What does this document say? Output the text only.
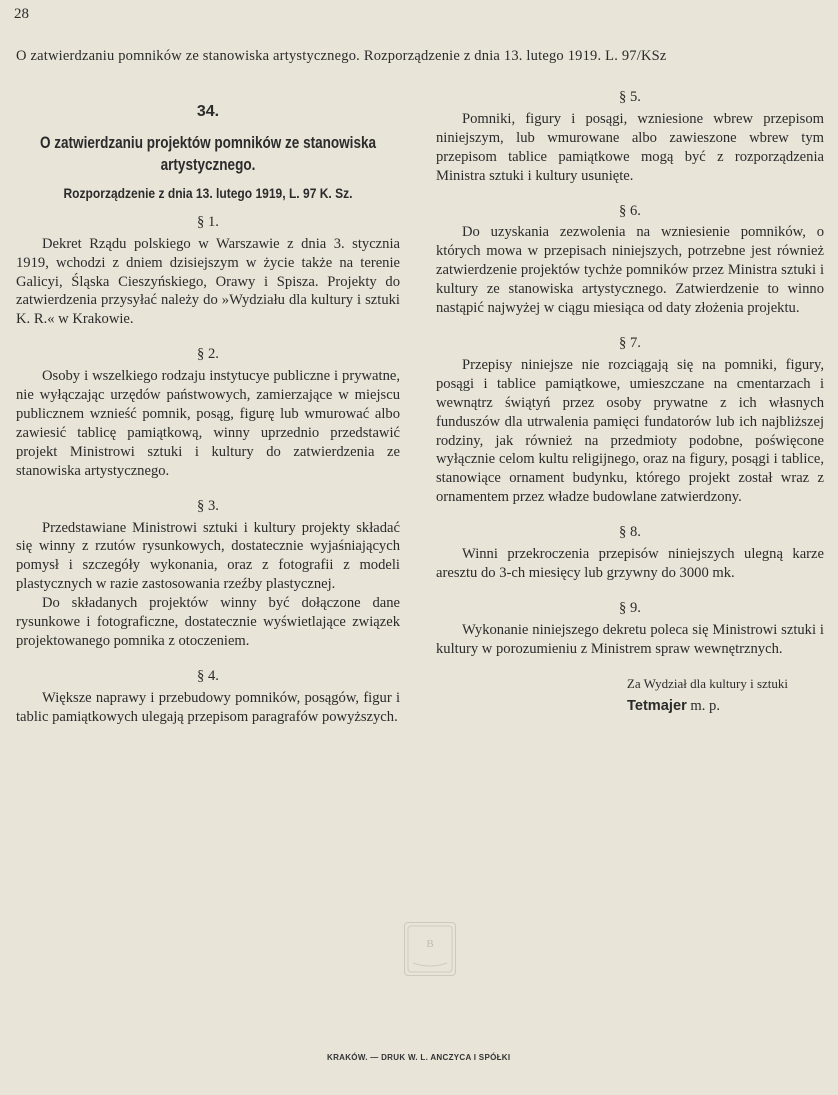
28
O zatwierdzaniu pomników ze stanowiska artystycznego. Rozporządzenie z dnia 13. lutego 1919. L. 97/KSz
34.
O zatwierdzaniu projektów pomników ze stanowiska artystycznego.
Rozporządzenie z dnia 13. lutego 1919, L. 97 K. Sz.
§ 1.

Dekret Rządu polskiego w Warszawie z dnia 3. stycznia 1919, wchodzi z dniem dzisiejszym w życie także na terenie Galicyi, Śląska Cieszyńskiego, Orawy i Spisza. Projekty do zatwierdzenia przysyłać należy do »Wydziału dla kultury i sztuki K. R.« w Krakowie.

§ 2.

Osoby i wszelkiego rodzaju instytucye publiczne i prywatne, nie wyłączając urzędów państwowych, zamierzające w miejscu publicznem wznieść pomnik, posąg, figurę lub wmurować albo zawiesić tablicę pamiątkową, winny uprzednio przedstawić projekt Ministrowi sztuki i kultury do zatwierdzenia ze stanowiska artystycznego.

§ 3.

Przedstawiane Ministrowi sztuki i kultury projekty składać się winny z rzutów rysunkowych, dostatecznie wyjaśniających pomysł i szczegóły wykonania, oraz z fotografii z modeli plastycznych w razie zastosowania rzeźby plastycznej.

Do składanych projektów winny być dołączone dane rysunkowe i fotograficzne, dostatecznie wyświetlające związek projektowanego pomnika z otoczeniem.

§ 4.

Większe naprawy i przebudowy pomników, posągów, figur i tablic pamiątkowych ulegają przepisom paragrafów powyższych.

§ 5.

Pomniki, figury i posągi, wzniesione wbrew przepisom niniejszym, lub wmurowane albo zawieszone wbrew tym przepisom tablice pamiątkowe mogą być z rozporządzenia Ministra sztuki i kultury usunięte.

§ 6.

Do uzyskania zezwolenia na wzniesienie pomników, o których mowa w przepisach niniejszych, potrzebne jest również zatwierdzenie projektów tychże pomników przez Ministra sztuki i kultury ze stanowiska artystycznego. Zatwierdzenie to winno nastąpić najwyżej w ciągu miesiąca od daty złożenia projektu.

§ 7.

Przepisy niniejsze nie rozciągają się na pomniki, figury, posągi i tablice pamiątkowe, umieszczane na cmentarzach i wewnątrz świątyń przez osoby prywatne z ich własnych funduszów dla utrwalenia pamięci fundatorów lub ich najbliższej rodziny, jak również na przedmioty podobne, poświęcone wyłącznie celom kultu religijnego, oraz na figury, posągi i tablice, stanowiące ornament budynku, którego projekt został wraz z ornamentem przez władze budowlane zatwierdzony.

§ 8.

Winni przekroczenia przepisów niniejszych ulegną karze aresztu do 3-ch miesięcy lub grzywny do 3000 mk.

§ 9.

Wykonanie niniejszego dekretu poleca się Ministrowi sztuki i kultury w porozumieniu z Ministrem spraw wewnętrznych.

Za Wydział dla kultury i sztuki
Tetmajer m. p.
B
KRAKÓW. — DRUK W. L. ANCZYCA I SPÓŁKI
